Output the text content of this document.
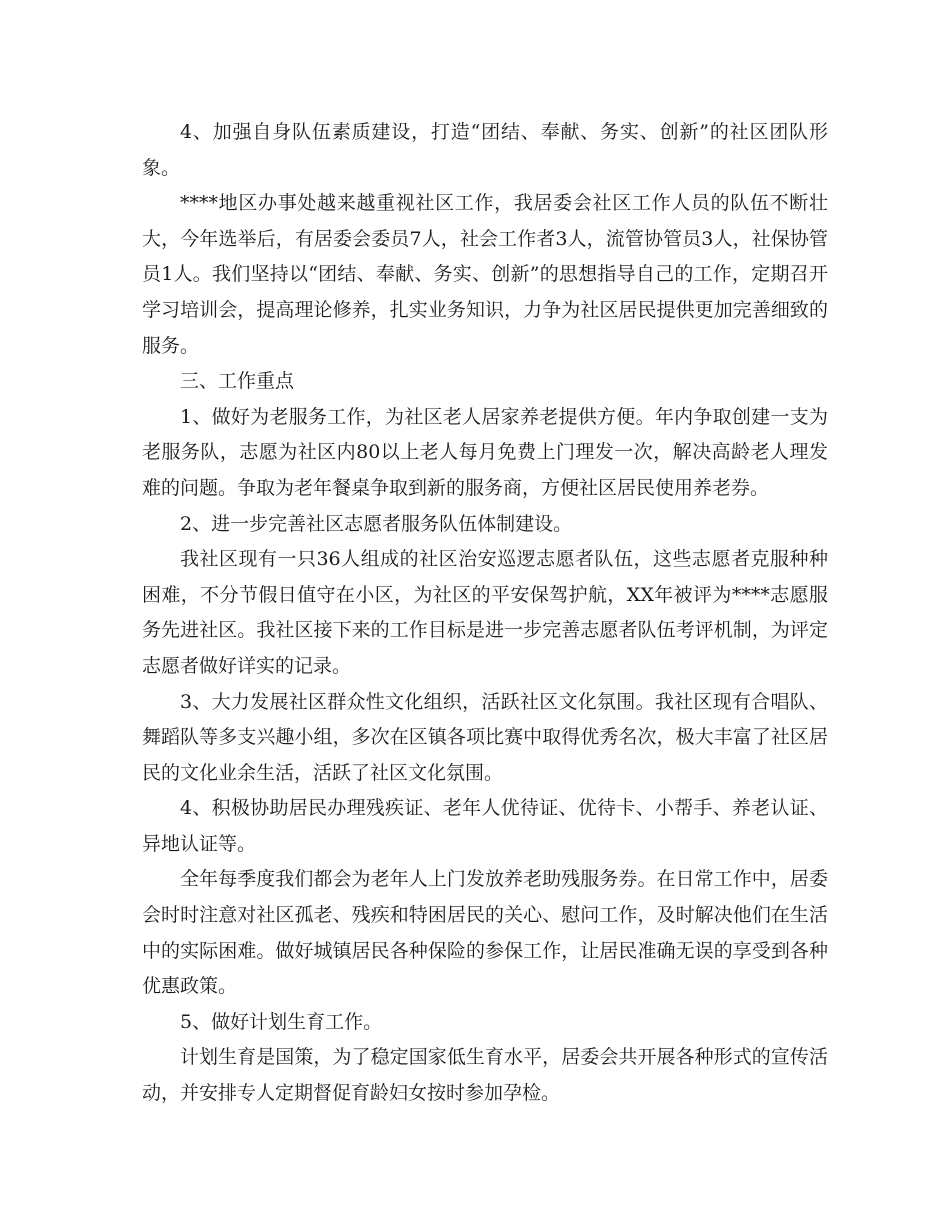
4、加强自身队伍素质建设，打造“团结、奉献、务实、创新”的社区团队形象。

****地区办事处越来越重视社区工作，我居委会社区工作人员的队伍不断壮大，今年选举后，有居委会委员7人，社会工作者3人，流管协管员3人，社保协管员1人。我们坚持以“团结、奉献、务实、创新”的思想指导自己的工作，定期召开学习培训会，提高理论修养，扎实业务知识，力争为社区居民提供更加完善细致的服务。

三、工作重点

1、做好为老服务工作，为社区老人居家养老提供方便。年内争取创建一支为老服务队，志愿为社区内80以上老人每月免费上门理发一次，解决高龄老人理发难的问题。争取为老年餐桌争取到新的服务商，方便社区居民使用养老券。

2、进一步完善社区志愿者服务队伍体制建设。

我社区现有一只36人组成的社区治安巡逻志愿者队伍，这些志愿者克服种种困难，不分节假日值守在小区，为社区的平安保驾护航，XX年被评为****志愿服务先进社区。我社区接下来的工作目标是进一步完善志愿者队伍考评机制，为评定志愿者做好详实的记录。

3、大力发展社区群众性文化组织，活跃社区文化氛围。我社区现有合唱队、舞蹈队等多支兴趣小组，多次在区镇各项比赛中取得优秀名次，极大丰富了社区居民的文化业余生活，活跃了社区文化氛围。

4、积极协助居民办理残疾证、老年人优待证、优待卡、小帮手、养老认证、异地认证等。

全年每季度我们都会为老年人上门发放养老助残服务券。在日常工作中，居委会时时注意对社区孤老、残疾和特困居民的关心、慰问工作，及时解决他们在生活中的实际困难。做好城镇居民各种保险的参保工作，让居民准确无误的享受到各种优惠政策。

5、做好计划生育工作。

计划生育是国策，为了稳定国家低生育水平，居委会共开展各种形式的宣传活动，并安排专人定期督促育龄妇女按时参加孕检。
